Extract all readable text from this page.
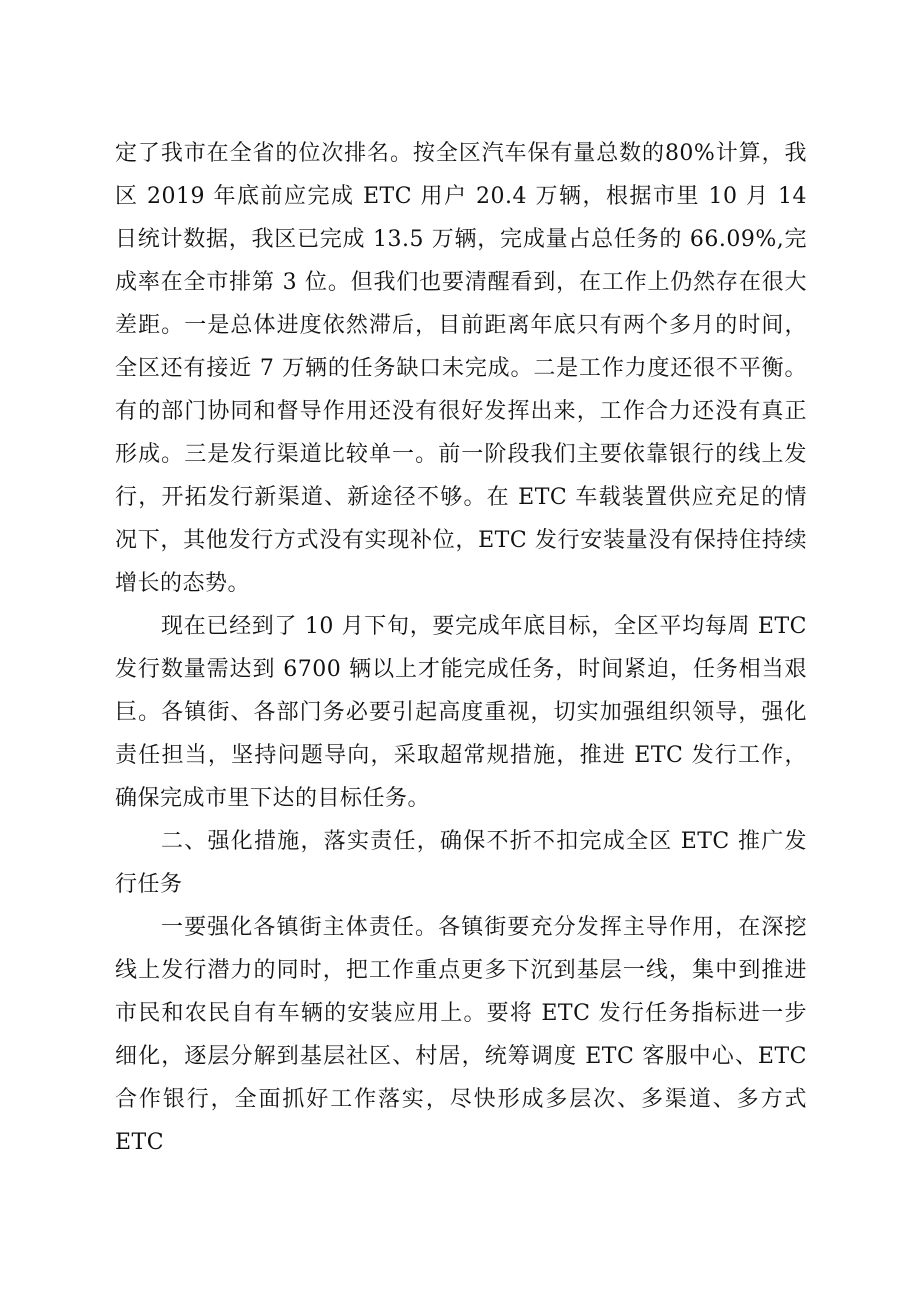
定了我市在全省的位次排名。按全区汽车保有量总数的80%计算，我区 2019 年底前应完成 ETC 用户 20.4 万辆，根据市里 10 月 14 日统计数据，我区已完成 13.5 万辆，完成量占总任务的 66.09%,完成率在全市排第 3 位。但我们也要清醒看到，在工作上仍然存在很大差距。一是总体进度依然滞后，目前距离年底只有两个多月的时间，全区还有接近 7 万辆的任务缺口未完成。二是工作力度还很不平衡。有的部门协同和督导作用还没有很好发挥出来，工作合力还没有真正形成。三是发行渠道比较单一。前一阶段我们主要依靠银行的线上发行，开拓发行新渠道、新途径不够。在 ETC 车载装置供应充足的情况下，其他发行方式没有实现补位，ETC 发行安装量没有保持住持续增长的态势。

现在已经到了 10 月下旬，要完成年底目标，全区平均每周 ETC 发行数量需达到 6700 辆以上才能完成任务，时间紧迫，任务相当艰巨。各镇街、各部门务必要引起高度重视，切实加强组织领导，强化责任担当，坚持问题导向，采取超常规措施，推进 ETC 发行工作，确保完成市里下达的目标任务。

二、强化措施，落实责任，确保不折不扣完成全区 ETC 推广发行任务

一要强化各镇街主体责任。各镇街要充分发挥主导作用，在深挖线上发行潜力的同时，把工作重点更多下沉到基层一线，集中到推进市民和农民自有车辆的安装应用上。要将 ETC 发行任务指标进一步细化，逐层分解到基层社区、村居，统筹调度 ETC 客服中心、ETC 合作银行，全面抓好工作落实，尽快形成多层次、多渠道、多方式 ETC
